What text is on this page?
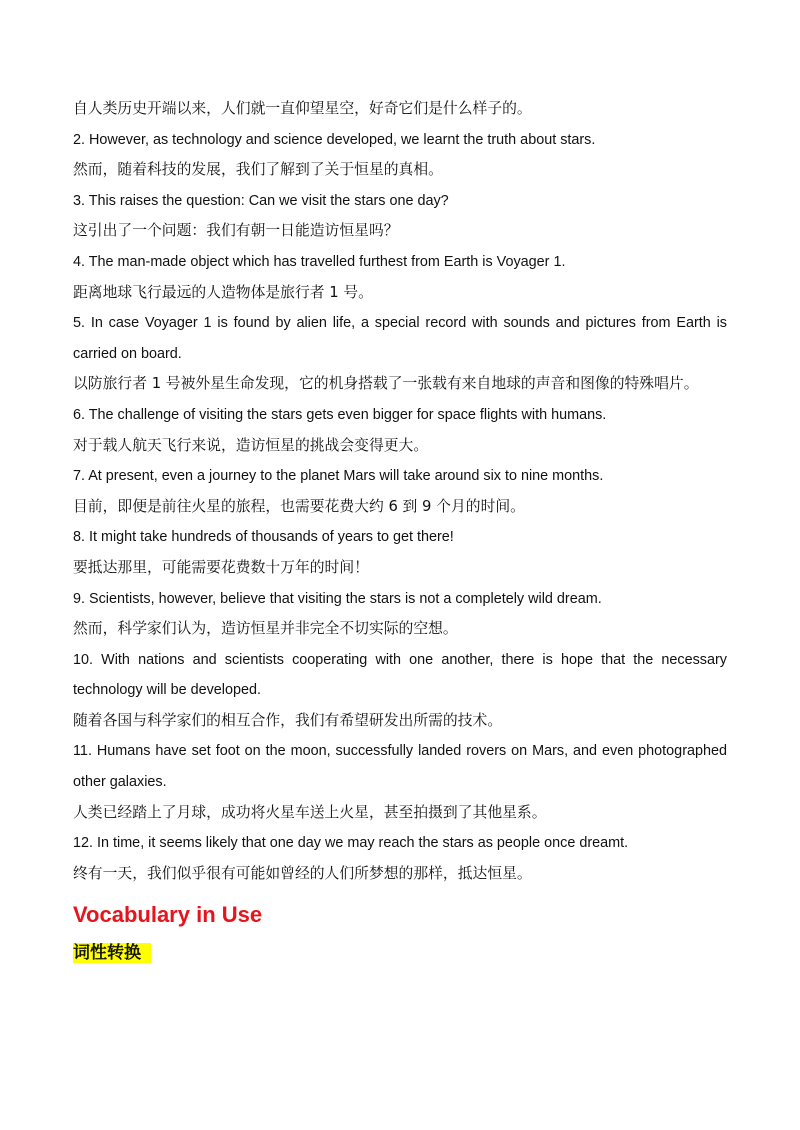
自人类历史开端以来，人们就一直仰望星空，好奇它们是什么样子的。
2. However, as technology and science developed, we learnt the truth about stars.
然而，随着科技的发展，我们了解到了关于恒星的真相。
3. This raises the question: Can we visit the stars one day?
这引出了一个问题：我们有朝一日能造访恒星吗？
4. The man-made object which has travelled furthest from Earth is Voyager 1.
距离地球飞行最远的人造物体是旅行者 1 号。
5. In case Voyager 1 is found by alien life, a special record with sounds and pictures from Earth is carried on board.
以防旅行者 1 号被外星生命发现，它的机身搭载了一张载有来自地球的声音和图像的特殊唱片。
6. The challenge of visiting the stars gets even bigger for space flights with humans.
对于载人航天飞行来说，造访恒星的挑战会变得更大。
7. At present, even a journey to the planet Mars will take around six to nine months.
目前，即便是前往火星的旅程，也需要花费大约 6 到 9 个月的时间。
8. It might take hundreds of thousands of years to get there!
要抵达那里，可能需要花费数十万年的时间！
9. Scientists, however, believe that visiting the stars is not a completely wild dream.
然而，科学家们认为，造访恒星并非完全不切实际的空想。
10. With nations and scientists cooperating with one another, there is hope that the necessary technology will be developed.
随着各国与科学家们的相互合作，我们有希望研发出所需的技术。
11. Humans have set foot on the moon, successfully landed rovers on Mars, and even photographed other galaxies.
人类已经踏上了月球，成功将火星车送上火星，甚至拍摄到了其他星系。
12. In time, it seems likely that one day we may reach the stars as people once dreamt.
终有一天，我们似乎很有可能如曾经的人们所梦想的那样，抵达恒星。
Vocabulary in Use
词性转换
